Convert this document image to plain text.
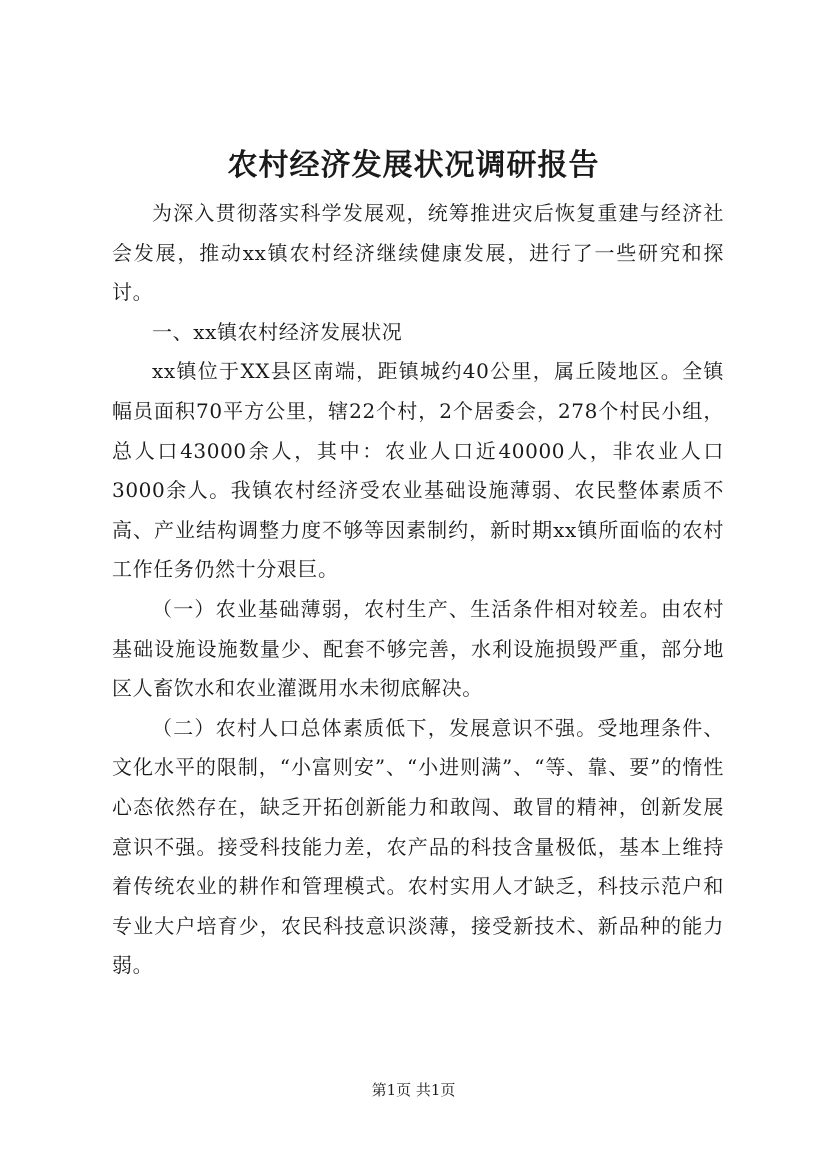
农村经济发展状况调研报告

为深入贯彻落实科学发展观，统筹推进灾后恢复重建与经济社会发展，推动xx镇农村经济继续健康发展，进行了一些研究和探讨。

一、xx镇农村经济发展状况

xx镇位于XX县区南端，距镇城约40公里，属丘陵地区。全镇幅员面积70平方公里，辖22个村，2个居委会，278个村民小组，总人口43000余人，其中：农业人口近40000人，非农业人口3000余人。我镇农村经济受农业基础设施薄弱、农民整体素质不高、产业结构调整力度不够等因素制约，新时期xx镇所面临的农村工作任务仍然十分艰巨。

（一）农业基础薄弱，农村生产、生活条件相对较差。由农村基础设施设施数量少、配套不够完善，水利设施损毁严重，部分地区人畜饮水和农业灌溉用水未彻底解决。

（二）农村人口总体素质低下，发展意识不强。受地理条件、文化水平的限制，“小富则安”、“小进则满”、“等、靠、要”的惰性心态依然存在，缺乏开拓创新能力和敢闯、敢冒的精神，创新发展意识不强。接受科技能力差，农产品的科技含量极低，基本上维持着传统农业的耕作和管理模式。农村实用人才缺乏，科技示范户和专业大户培育少，农民科技意识淡薄，接受新技术、新品种的能力弱。

第1页 共1页
